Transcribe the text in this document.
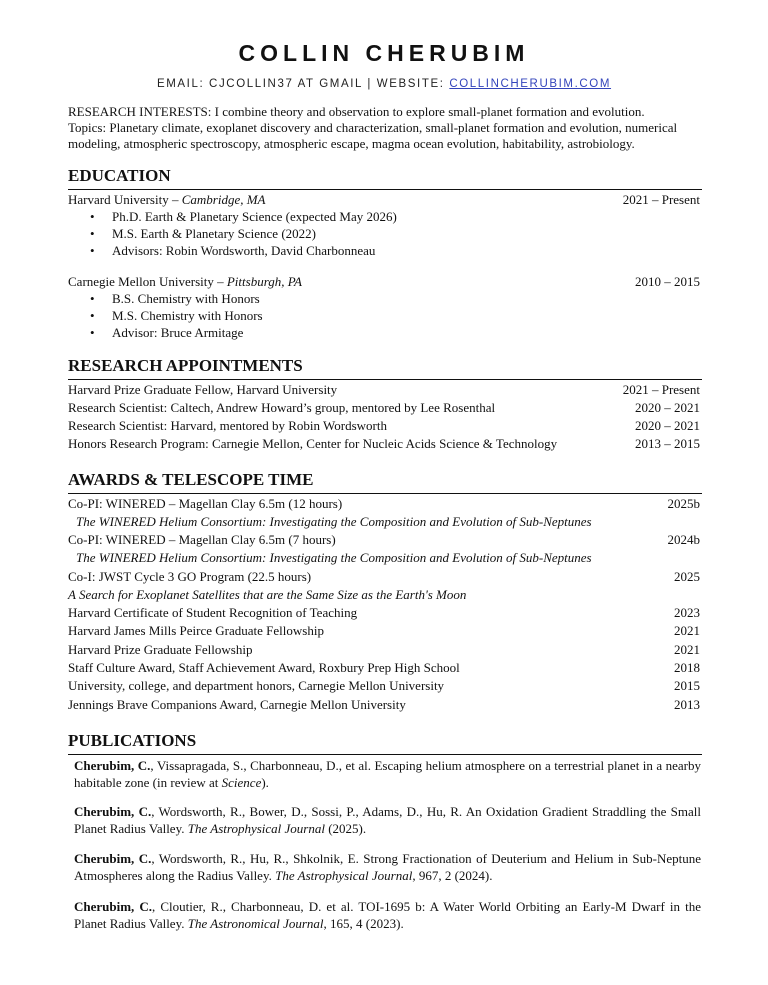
COLLIN CHERUBIM
EMAIL: CJCOLLIN37 AT GMAIL | WEBSITE: COLLINCHERUBIM.COM
RESEARCH INTERESTS: I combine theory and observation to explore small-planet formation and evolution.
Topics: Planetary climate, exoplanet discovery and characterization, small-planet formation and evolution, numerical modeling, atmospheric spectroscopy, atmospheric escape, magma ocean evolution, habitability, astrobiology.
EDUCATION
Harvard University – Cambridge, MA	2021 – Present
• Ph.D. Earth & Planetary Science (expected May 2026)
• M.S. Earth & Planetary Science (2022)
• Advisors: Robin Wordsworth, David Charbonneau
Carnegie Mellon University – Pittsburgh, PA	2010 – 2015
• B.S. Chemistry with Honors
• M.S. Chemistry with Honors
• Advisor: Bruce Armitage
RESEARCH APPOINTMENTS
Harvard Prize Graduate Fellow, Harvard University	2021 – Present
Research Scientist: Caltech, Andrew Howard’s group, mentored by Lee Rosenthal	2020 – 2021
Research Scientist: Harvard, mentored by Robin Wordsworth	2020 – 2021
Honors Research Program: Carnegie Mellon, Center for Nucleic Acids Science & Technology	2013 – 2015
AWARDS & TELESCOPE TIME
Co-PI: WINERED – Magellan Clay 6.5m (12 hours)	2025b
The WINERED Helium Consortium: Investigating the Composition and Evolution of Sub-Neptunes
Co-PI: WINERED – Magellan Clay 6.5m (7 hours)	2024b
The WINERED Helium Consortium: Investigating the Composition and Evolution of Sub-Neptunes
Co-I: JWST Cycle 3 GO Program (22.5 hours)	2025
A Search for Exoplanet Satellites that are the Same Size as the Earth's Moon
Harvard Certificate of Student Recognition of Teaching	2023
Harvard James Mills Peirce Graduate Fellowship	2021
Harvard Prize Graduate Fellowship	2021
Staff Culture Award, Staff Achievement Award, Roxbury Prep High School	2018
University, college, and department honors, Carnegie Mellon University	2015
Jennings Brave Companions Award, Carnegie Mellon University	2013
PUBLICATIONS
Cherubim, C., Vissapragada, S., Charbonneau, D., et al. Escaping helium atmosphere on a terrestrial planet in a nearby habitable zone (in review at Science).
Cherubim, C., Wordsworth, R., Bower, D., Sossi, P., Adams, D., Hu, R. An Oxidation Gradient Straddling the Small Planet Radius Valley. The Astrophysical Journal (2025).
Cherubim, C., Wordsworth, R., Hu, R., Shkolnik, E. Strong Fractionation of Deuterium and Helium in Sub-Neptune Atmospheres along the Radius Valley. The Astrophysical Journal, 967, 2 (2024).
Cherubim, C., Cloutier, R., Charbonneau, D. et al. TOI-1695 b: A Water World Orbiting an Early-M Dwarf in the Planet Radius Valley. The Astronomical Journal, 165, 4 (2023).
